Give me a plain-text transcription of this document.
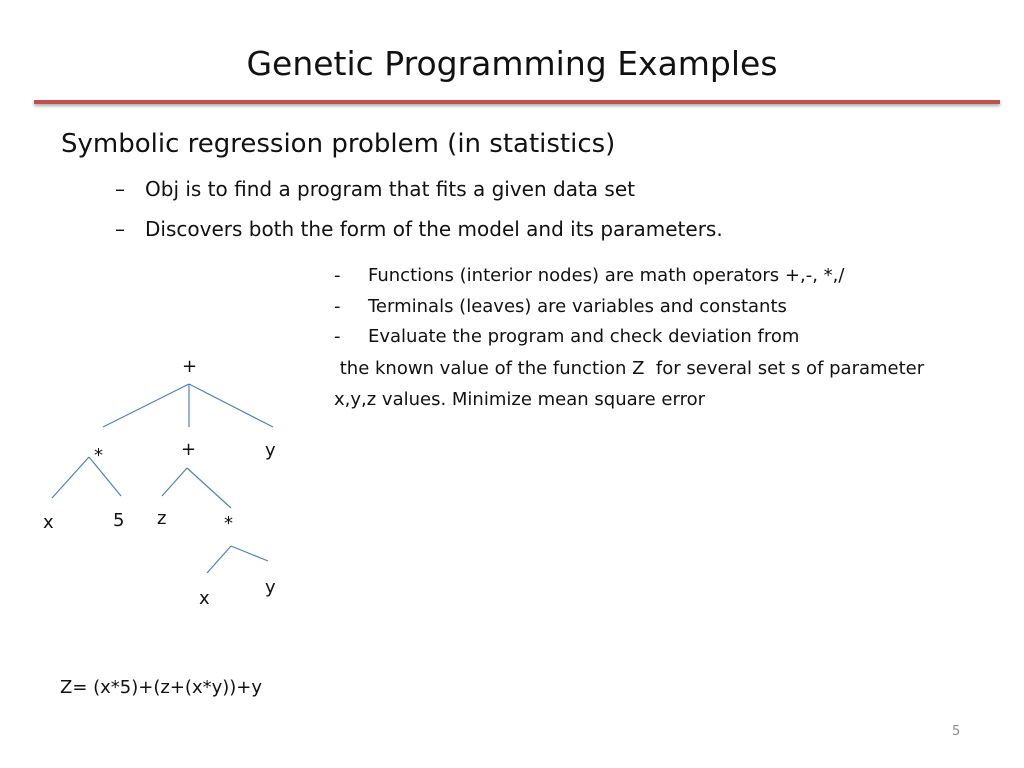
Genetic Programming Examples
Symbolic regression problem (in statistics)
– Obj is to find a program that fits a given data set
– Discovers both the form of the model and its parameters.
- Functions (interior nodes) are math operators +,-, *,/
- Terminals (leaves) are variables and constants
- Evaluate the program and check deviation from
the known value of the function Z  for several set s of parameter
x,y,z values. Minimize mean square error
+
*	+	y
x	5 z	*
x
y
Z= (x*5)+(z+(x*y))+y
5
